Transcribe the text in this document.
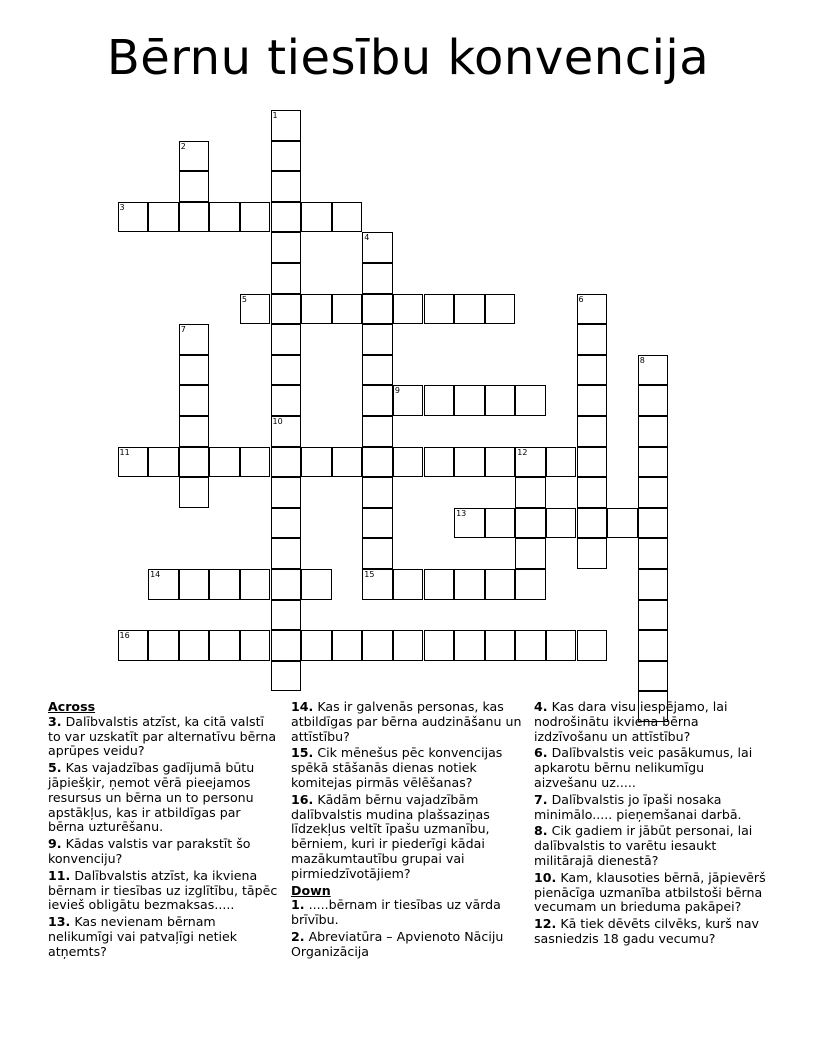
Bērnu tiesību konvencija
1
2
3
4
5	6
7
8
9
10
11	12
13
14	15
16
Across
3. Dalībvalstis atzīst, ka citā valstī to var uzskatīt par alternatīvu bērna aprūpes veidu?
5. Kas vajadzības gadījumā būtu jāpiešķir, ņemot vērā pieejamos resursus un bērna un to personu apstākļus, kas ir atbildīgas par bērna uzturēšanu.
9. Kādas valstis var parakstīt šo konvenciju?
11. Dalībvalstis atzīst, ka ikviena bērnam ir tiesības uz izglītību, tāpēc ievieš obligātu bezmaksas.....
13. Kas nevienam bērnam nelikumīgi vai patvaļīgi netiek atņemts?
14. Kas ir galvenās personas, kas atbildīgas par bērna audzināšanu un attīstību?
15. Cik mēnešus pēc konvencijas spēkā stāšanās dienas notiek komitejas pirmās vēlēšanas?
16. Kādām bērnu vajadzībām dalībvalstis mudina plašsaziņas līdzekļus veltīt īpašu uzmanību, bērniem, kuri ir piederīgi kādai mazākumtautību grupai vai pirmiedzīvotājiem?
Down
1. .....bērnam ir tiesības uz vārda brīvību.
2. Abreviatūra – Apvienoto Nāciju Organizācija
4. Kas dara visu iespējamo, lai nodrošinātu ikviena bērna izdzīvošanu un attīstību?
6. Dalībvalstis veic pasākumus, lai apkarotu bērnu nelikumīgu aizvešanu uz.....
7. Dalībvalstis jo īpaši nosaka minimālo..... pieņemšanai darbā.
8. Cik gadiem ir jābūt personai, lai dalībvalstis to varētu iesaukt militārajā dienestā?
10. Kam, klausoties bērnā, jāpievērš pienācīga uzmanība atbilstoši bērna vecumam un brieduma pakāpei?
12. Kā tiek dēvēts cilvēks, kurš nav sasniedzis 18 gadu vecumu?
